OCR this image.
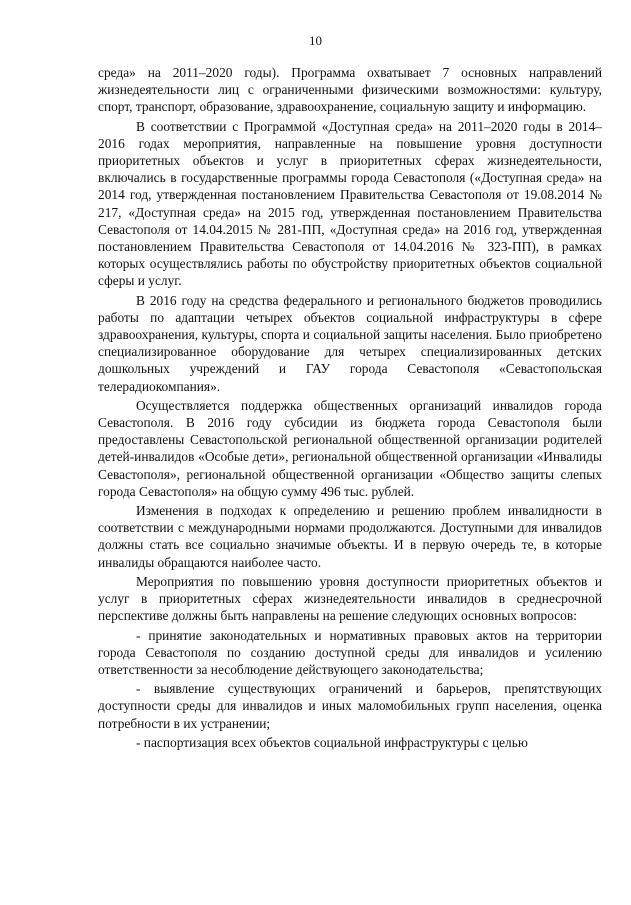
10

среда» на 2011–2020 годы). Программа охватывает 7 основных направлений жизнедеятельности лиц с ограниченными физическими возможностями: культуру, спорт, транспорт, образование, здравоохранение, социальную защиту и информацию.

В соответствии с Программой «Доступная среда» на 2011–2020 годы в 2014–2016 годах мероприятия, направленные на повышение уровня доступности приоритетных объектов и услуг в приоритетных сферах жизнедеятельности, включались в государственные программы города Севастополя («Доступная среда» на 2014 год, утвержденная постановлением Правительства Севастополя от 19.08.2014 № 217, «Доступная среда» на 2015 год, утвержденная постановлением Правительства Севастополя от 14.04.2015 № 281-ПП, «Доступная среда» на 2016 год, утвержденная постановлением Правительства Севастополя от 14.04.2016 № 323-ПП), в рамках которых осуществлялись работы по обустройству приоритетных объектов социальной сферы и услуг.

В 2016 году на средства федерального и регионального бюджетов проводились работы по адаптации четырех объектов социальной инфраструктуры в сфере здравоохранения, культуры, спорта и социальной защиты населения. Было приобретено специализированное оборудование для четырех специализированных детских дошкольных учреждений и ГАУ города Севастополя «Севастопольская телерадиокомпания».

Осуществляется поддержка общественных организаций инвалидов города Севастополя. В 2016 году субсидии из бюджета города Севастополя были предоставлены Севастопольской региональной общественной организации родителей детей-инвалидов «Особые дети», региональной общественной организации «Инвалиды Севастополя», региональной общественной организации «Общество защиты слепых города Севастополя» на общую сумму 496 тыс. рублей.

Изменения в подходах к определению и решению проблем инвалидности в соответствии с международными нормами продолжаются. Доступными для инвалидов должны стать все социально значимые объекты. И в первую очередь те, в которые инвалиды обращаются наиболее часто.

Мероприятия по повышению уровня доступности приоритетных объектов и услуг в приоритетных сферах жизнедеятельности инвалидов в среднесрочной перспективе должны быть направлены на решение следующих основных вопросов:

- принятие законодательных и нормативных правовых актов на территории города Севастополя по созданию доступной среды для инвалидов и усилению ответственности за несоблюдение действующего законодательства;

- выявление существующих ограничений и барьеров, препятствующих доступности среды для инвалидов и иных маломобильных групп населения, оценка потребности в их устранении;

- паспортизация всех объектов социальной инфраструктуры с целью
